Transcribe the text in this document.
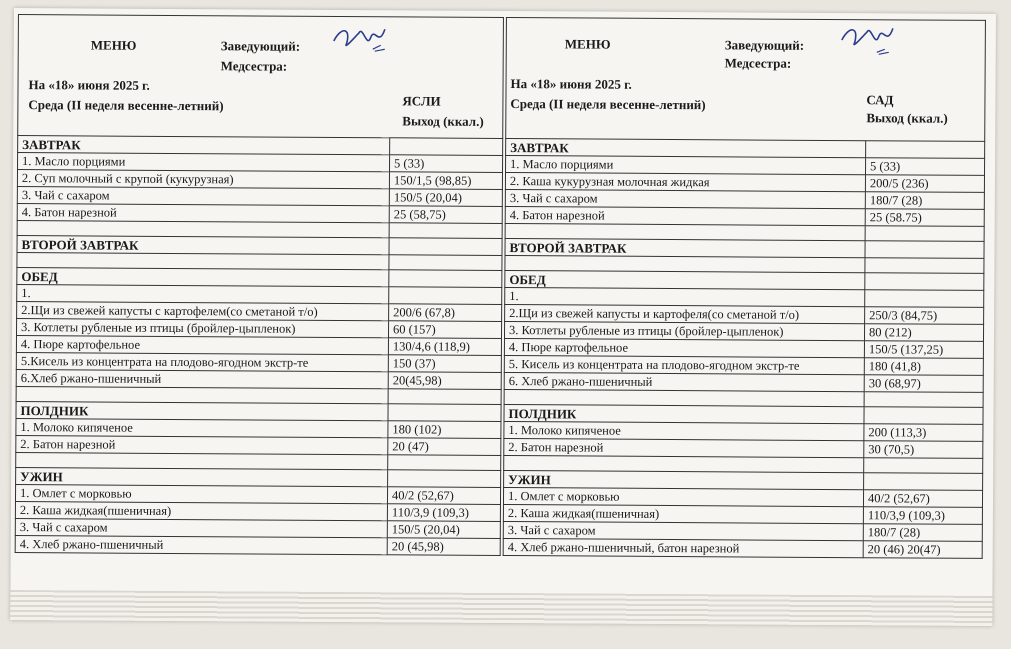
МЕНЮ	Заведующий:
Медсестра:
На «18» июня 2025 г.
Среда (II неделя весенне-летний)	ЯСЛИ
Выход (ккал.)
ЗАВТРАК	
1. Масло порциями	5 (33)
2. Суп молочный с крупой (кукурузная)	150/1,5 (98,85)
3. Чай с сахаром	150/5 (20,04)
4. Батон нарезной	25 (58,75)

ВТОРОЙ ЗАВТРАК	

ОБЕД	
1.	
2.Щи из свежей капусты с картофелем(со сметаной т/о)	200/6 (67,8)
3. Котлеты рубленые из птицы (бройлер-цыпленок)	60 (157)
4. Пюре картофельное	130/4,6 (118,9)
5.Кисель из концентрата на плодово-ягодном экстр-те	150 (37)
6.Хлеб ржано-пшеничный	20(45,98)

ПОЛДНИК	
1. Молоко кипяченое	180 (102)
2. Батон нарезной	20 (47)

УЖИН	
1. Омлет с морковью	40/2 (52,67)
2. Каша жидкая(пшеничная)	110/3,9 (109,3)
3. Чай с сахаром	150/5 (20,04)
4. Хлеб ржано-пшеничный	20 (45,98)
МЕНЮ	Заведующий:
Медсестра:
На «18» июня 2025 г.
Среда (II неделя весенне-летний)	САД
Выход (ккал.)
ЗАВТРАК	
1. Масло порциями	5 (33)
2. Каша кукурузная молочная жидкая	200/5 (236)
3. Чай с сахаром	180/7 (28)
4. Батон нарезной	25 (58.75)

ВТОРОЙ ЗАВТРАК	

ОБЕД	
1.	
2.Щи из свежей капусты и картофеля(со сметаной т/о)	250/3 (84,75)
3. Котлеты рубленые из птицы (бройлер-цыпленок)	80 (212)
4. Пюре картофельное	150/5 (137,25)
5. Кисель из концентрата на плодово-ягодном экстр-те	180 (41,8)
6. Хлеб ржано-пшеничный	30 (68,97)

ПОЛДНИК	
1. Молоко кипяченое	200 (113,3)
2. Батон нарезной	30 (70,5)

УЖИН	
1. Омлет с морковью	40/2 (52,67)
2. Каша жидкая(пшеничная)	110/3,9 (109,3)
3. Чай с сахаром	180/7 (28)
4. Хлеб ржано-пшеничный, батон нарезной	20 (46) 20(47)
